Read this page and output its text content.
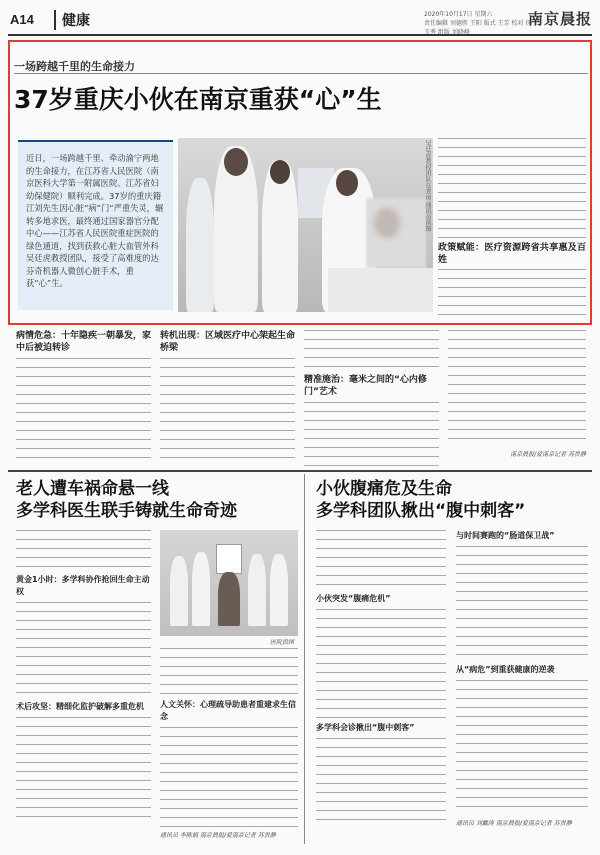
A14	健康	2020年10月17日 星期六
责任编辑 刘德胜 王阳 版式 王芳 校对 徐玉秀 组版 刘晓峰
南京晨报
一场跨越千里的生命接力
37岁重庆小伙在南京重获“心”生
近日，一场跨越千里、牵动渝宁两地的生命接力，在江苏省人民医院（南京医科大学第一附属医院、江苏省妇幼保健院）顺利完成。37岁的重庆籍江刘先生因心脏“病”门“严重失灵，辗转多地求医，最终通过国家器官分配中心——江苏省人民医院重症医院的绿色通道，找到获救心脏大血管外科吴廷虎教授团队，接受了高难度的达芬奇机器人微创心脏手术，重获“心”生。
吴廷虎教授团队在查房 通讯员供图
政策赋能：医疗资源跨省共享惠及百姓
病情危急：十年隐疾一朝暴发，家中后被迫转诊
转机出现：区域医疗中心架起生命桥梁
精准施治：毫米之间的“心内修门”艺术
南京晨报/爱南京记者 苏贵静
老人遭车祸命悬一线
多学科医生联手铸就生命奇迹
黄金1小时：多学科协作抢回生命主动权
术后攻坚：精细化监护破解多重危机
医院供图
人文关怀：心理疏导助患者重建求生信念
通讯员 李陈娟 南京晨报/爱南京记者 苏贵静
小伙腹痛危及生命
多学科团队揪出“腹中刺客”
小伙突发“腹痛危机”
多学科会诊揪出“腹中刺客”
与时间赛跑的“肠道保卫战”
从“病危”到重获健康的逆袭
通讯员 刘戴涛 南京晨报/爱南京记者 苏贵静
